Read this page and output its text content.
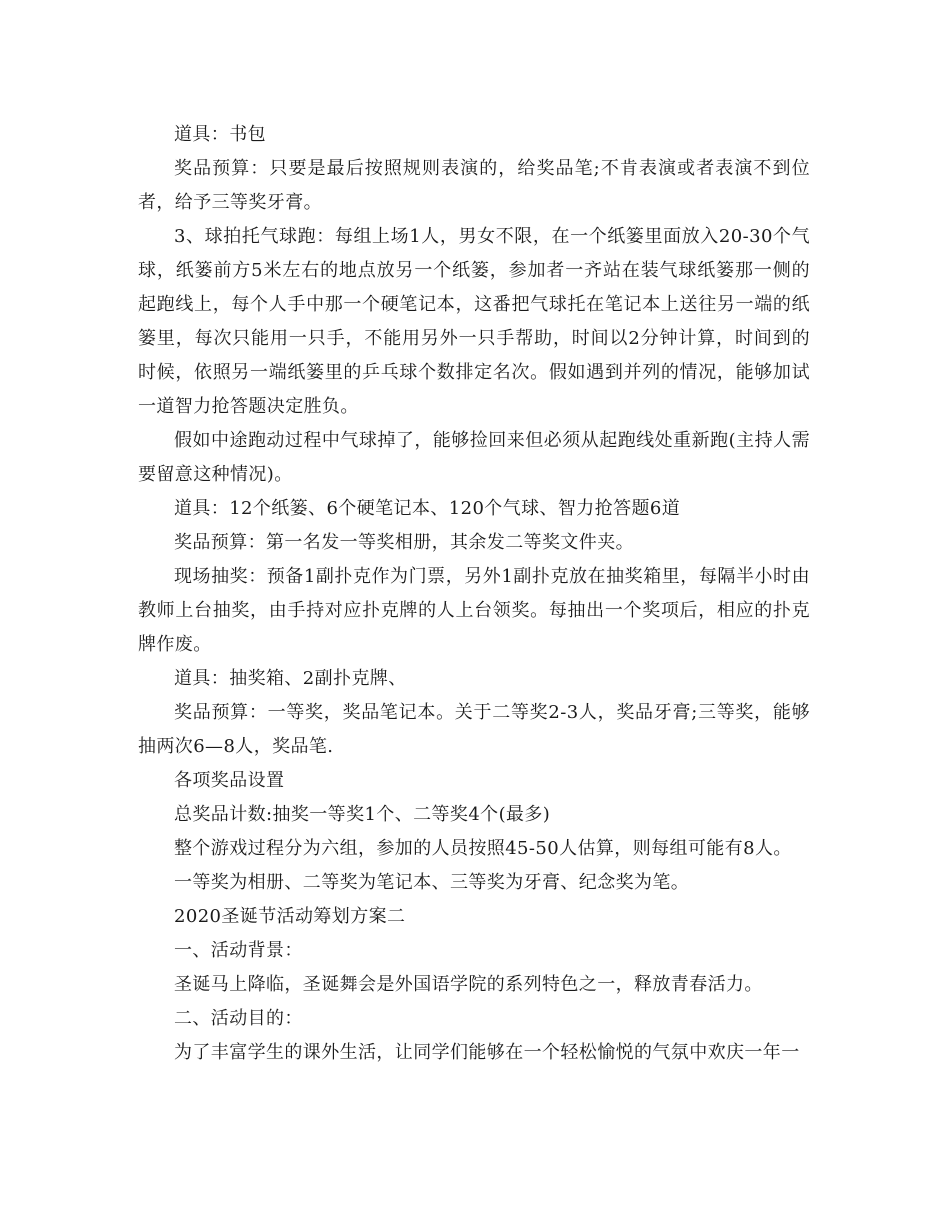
道具：书包

奖品预算：只要是最后按照规则表演的，给奖品笔;不肯表演或者表演不到位者，给予三等奖牙膏。

3、球拍托气球跑：每组上场1人，男女不限，在一个纸篓里面放入20-30个气球，纸篓前方5米左右的地点放另一个纸篓，参加者一齐站在装气球纸篓那一侧的起跑线上，每个人手中那一个硬笔记本，这番把气球托在笔记本上送往另一端的纸篓里，每次只能用一只手，不能用另外一只手帮助，时间以2分钟计算，时间到的时候，依照另一端纸篓里的乒乓球个数排定名次。假如遇到并列的情况，能够加试一道智力抢答题决定胜负。

假如中途跑动过程中气球掉了，能够捡回来但必须从起跑线处重新跑(主持人需要留意这种情况)。

道具：12个纸篓、6个硬笔记本、120个气球、智力抢答题6道

奖品预算：第一名发一等奖相册，其余发二等奖文件夹。

现场抽奖：预备1副扑克作为门票，另外1副扑克放在抽奖箱里，每隔半小时由教师上台抽奖，由手持对应扑克牌的人上台领奖。每抽出一个奖项后，相应的扑克牌作废。

道具：抽奖箱、2副扑克牌、

奖品预算：一等奖，奖品笔记本。关于二等奖2-3人，奖品牙膏;三等奖，能够抽两次6—8人，奖品笔.

各项奖品设置

总奖品计数:抽奖一等奖1个、二等奖4个(最多)

整个游戏过程分为六组，参加的人员按照45-50人估算，则每组可能有8人。

一等奖为相册、二等奖为笔记本、三等奖为牙膏、纪念奖为笔。

2020圣诞节活动筹划方案二

一、活动背景：

圣诞马上降临，圣诞舞会是外国语学院的系列特色之一，释放青春活力。

二、活动目的：

为了丰富学生的课外生活，让同学们能够在一个轻松愉悦的气氛中欢庆一年一
